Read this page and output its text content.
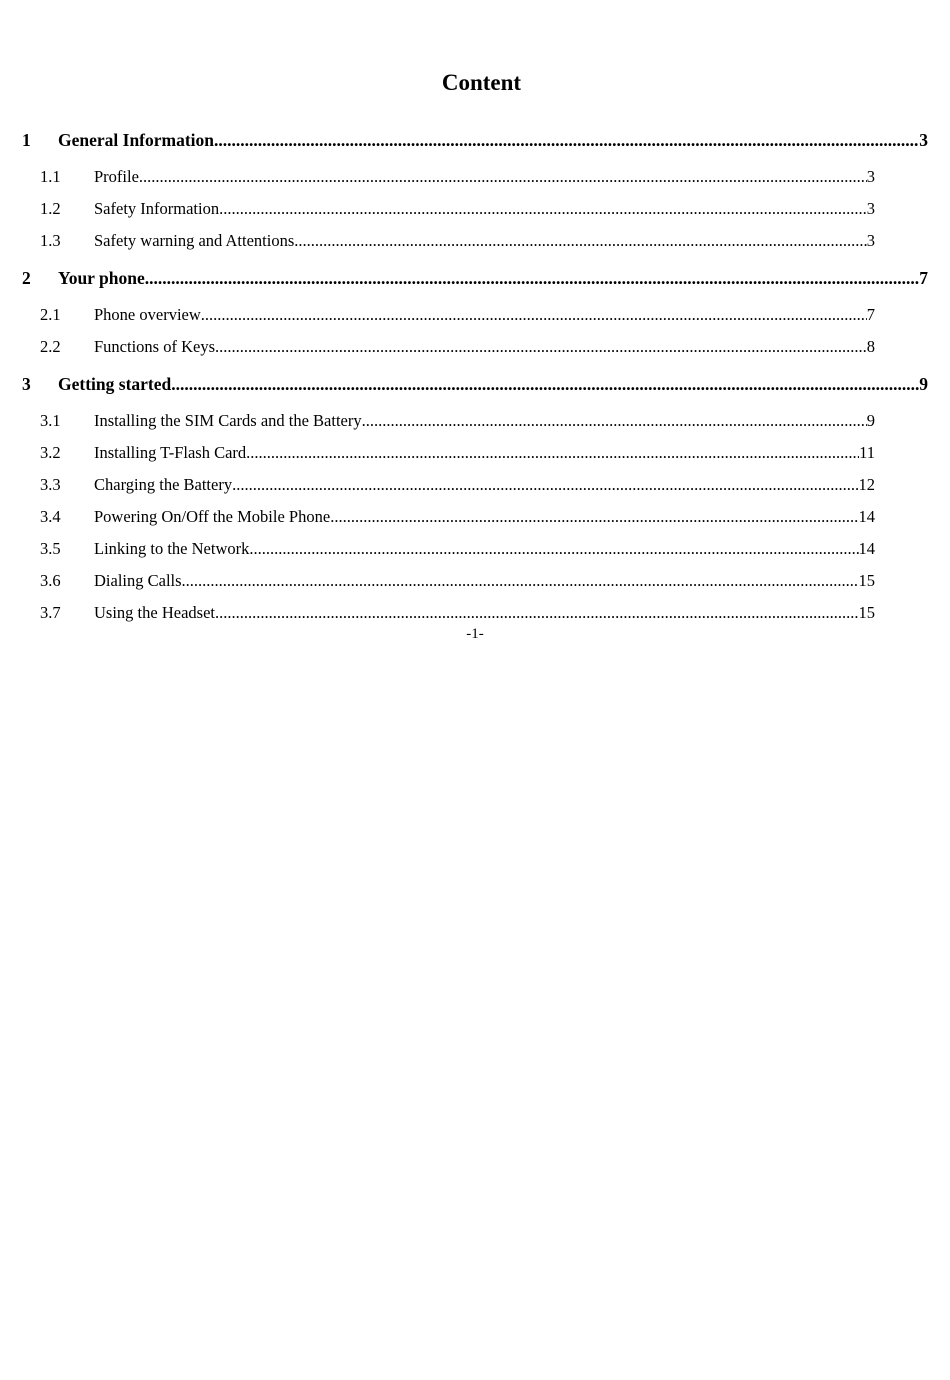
Content
1	General Information .....	3
1.1	Profile .....	3
1.2	Safety Information .....	3
1.3	Safety warning and Attentions .....	3
2	Your phone .....	7
2.1	Phone overview .....	7
2.2	Functions of Keys .....	8
3	Getting started .....	9
3.1	Installing the SIM Cards and the Battery .....	9
3.2	Installing T-Flash Card .....	11
3.3	Charging the Battery .....	12
3.4	Powering On/Off the Mobile Phone .....	14
3.5	Linking to the Network .....	14
3.6	Dialing Calls .....	15
3.7	Using the Headset .....	15
-1-
